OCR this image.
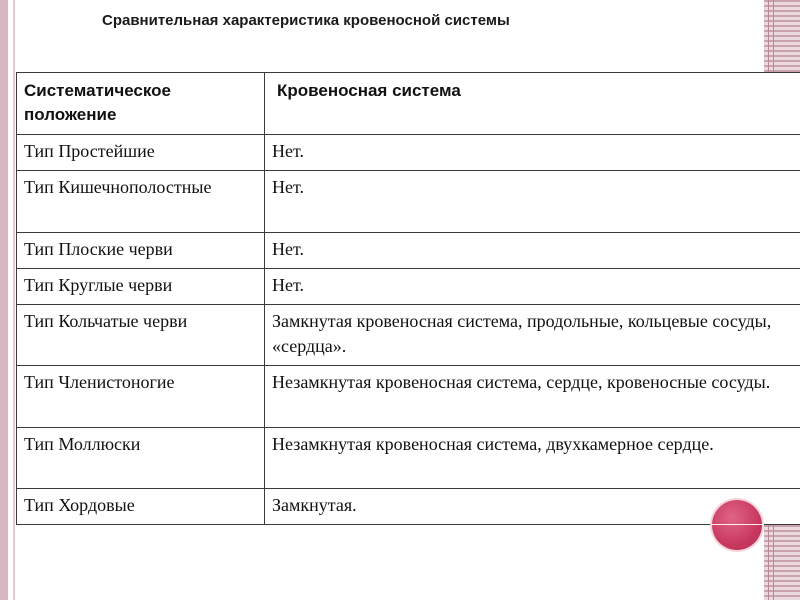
Сравнительная характеристика кровеносной системы
Систематическое положение	Кровеносная система
Тип Простейшие	Нет.
Тип Кишечнополостные	Нет.
Тип Плоские черви	Нет.
Тип Круглые черви	Нет.
Тип Кольчатые черви	Замкнутая кровеносная система, продольные, кольцевые сосуды, «сердца».
Тип Членистоногие	Незамкнутая кровеносная система, сердце, кровеносные сосуды.
Тип Моллюски	Незамкнутая кровеносная система, двухкамерное сердце.
Тип Хордовые	Замкнутая.
